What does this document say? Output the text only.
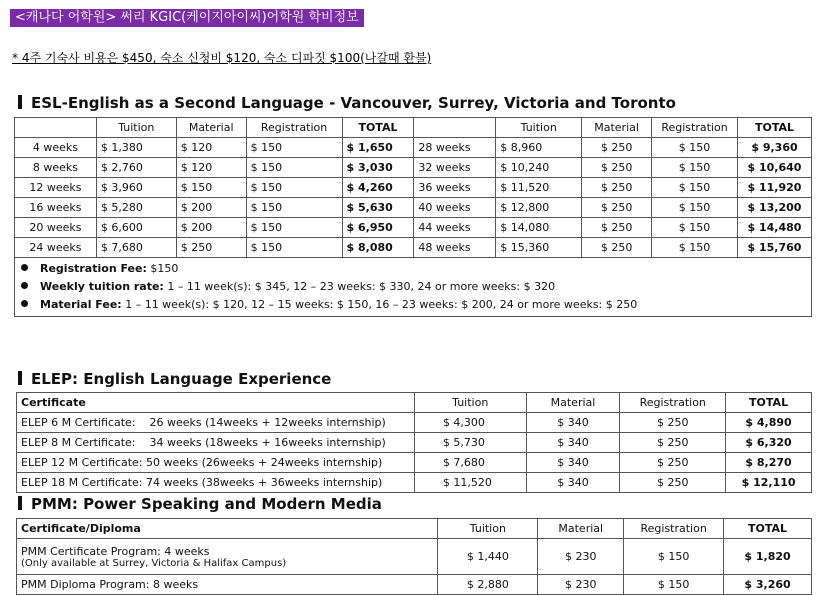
<캐나다 어학원> 써리 KGIC(케이지아이씨)어학원 학비정보
* 4주 기숙사 비용은 $450, 숙소 신청비 $120, 숙소 디파짓 $100(나갈때 환불)
ESL-English as a Second Language - Vancouver, Surrey, Victoria and Toronto
	Tuition	Material	Registration	TOTAL		Tuition	Material	Registration	TOTAL
4 weeks	$ 1,380	$ 120	$ 150	$ 1,650	28 weeks	$ 8,960	$ 250	$ 150	$ 9,360
8 weeks	$ 2,760	$ 120	$ 150	$ 3,030	32 weeks	$ 10,240	$ 250	$ 150	$ 10,640
12 weeks	$ 3,960	$ 150	$ 150	$ 4,260	36 weeks	$ 11,520	$ 250	$ 150	$ 11,920
16 weeks	$ 5,280	$ 200	$ 150	$ 5,630	40 weeks	$ 12,800	$ 250	$ 150	$ 13,200
20 weeks	$ 6,600	$ 200	$ 150	$ 6,950	44 weeks	$ 14,080	$ 250	$ 150	$ 14,480
24 weeks	$ 7,680	$ 250	$ 150	$ 8,080	48 weeks	$ 15,360	$ 250	$ 150	$ 15,760

Registration Fee: $150
Weekly tuition rate: 1 – 11 week(s): $ 345, 12 – 23 weeks: $ 330, 24 or more weeks: $ 320
Material Fee: 1 – 11 week(s): $ 120, 12 – 15 weeks: $ 150, 16 – 23 weeks: $ 200, 24 or more weeks: $ 250									
ELEP: English Language Experience
Certificate	Tuition	Material	Registration	TOTAL
ELEP 6 M Certificate:    26 weeks (14weeks + 12weeks internship)	$ 4,300	$ 340	$ 250	$ 4,890
ELEP 8 M Certificate:    34 weeks (18weeks + 16weeks internship)	$ 5,730	$ 340	$ 250	$ 6,320
ELEP 12 M Certificate: 50 weeks (26weeks + 24weeks internship)	$ 7,680	$ 340	$ 250	$ 8,270
ELEP 18 M Certificate: 74 weeks (38weeks + 36weeks internship)	$ 11,520	$ 340	$ 250	$ 12,110
PMM: Power Speaking and Modern Media
Certificate/Diploma	Tuition	Material	Registration	TOTAL

PMM Certificate Program: 4 weeks
(Only available at Surrey, Victoria & Halifax Campus)	$ 1,440	$ 230	$ 150	$ 1,820

PMM Diploma Program: 8 weeks	$ 2,880	$ 230	$ 150	$ 3,260
